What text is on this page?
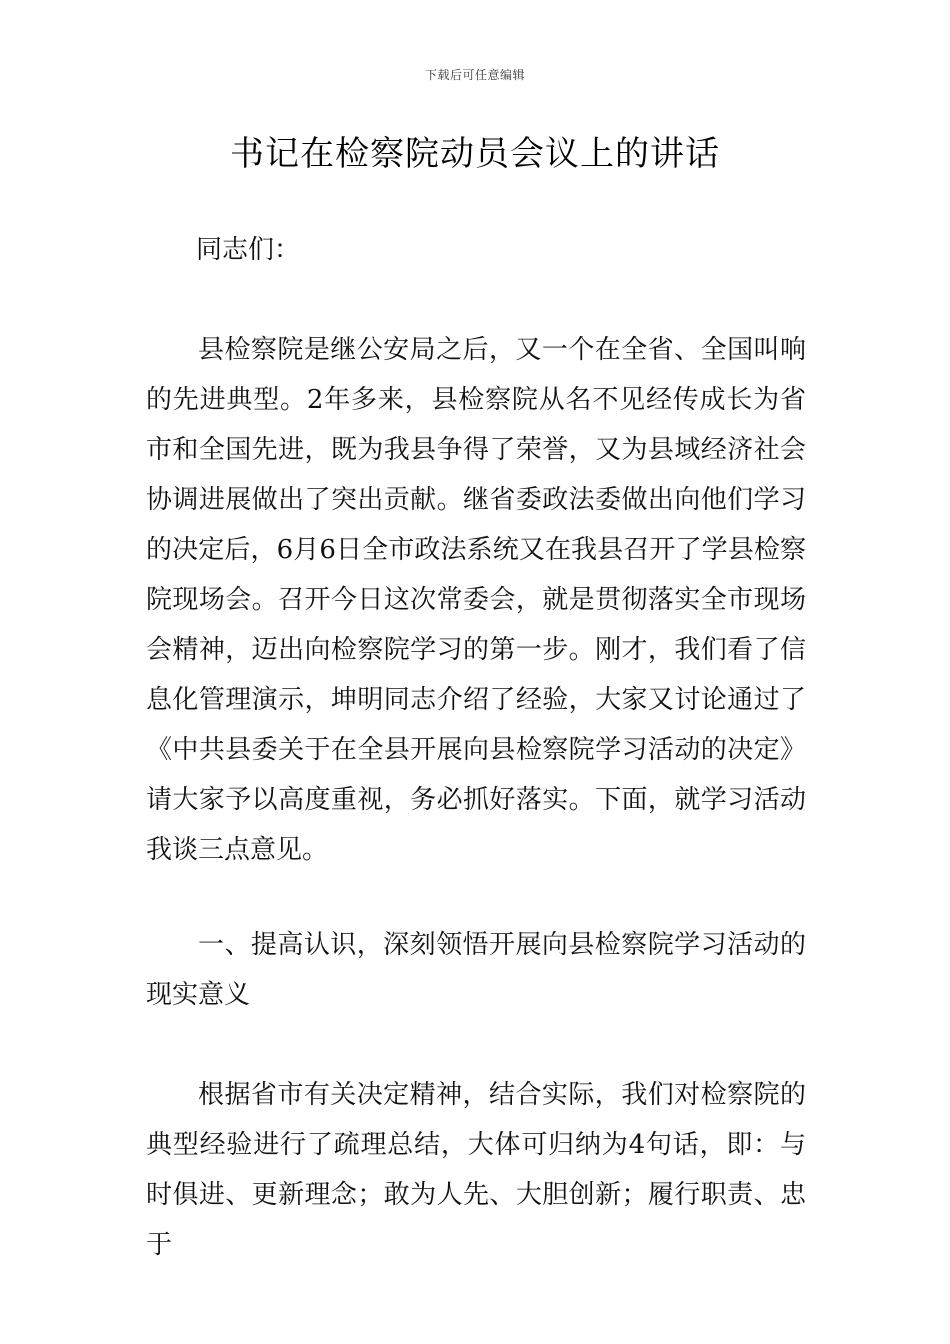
下载后可任意编辑
书记在检察院动员会议上的讲话
同志们：

县检察院是继公安局之后，又一个在全省、全国叫响的先进典型。2年多来，县检察院从名不见经传成长为省市和全国先进，既为我县争得了荣誉，又为县域经济社会协调进展做出了突出贡献。继省委政法委做出向他们学习的决定后，6月6日全市政法系统又在我县召开了学县检察院现场会。召开今日这次常委会，就是贯彻落实全市现场会精神，迈出向检察院学习的第一步。刚才，我们看了信息化管理演示，坤明同志介绍了经验，大家又讨论通过了《中共县委关于在全县开展向县检察院学习活动的决定》请大家予以高度重视，务必抓好落实。下面，就学习活动我谈三点意见。

一、提高认识，深刻领悟开展向县检察院学习活动的现实意义

根据省市有关决定精神，结合实际，我们对检察院的典型经验进行了疏理总结，大体可归纳为4句话，即：与时俱进、更新理念；敢为人先、大胆创新；履行职责、忠于
